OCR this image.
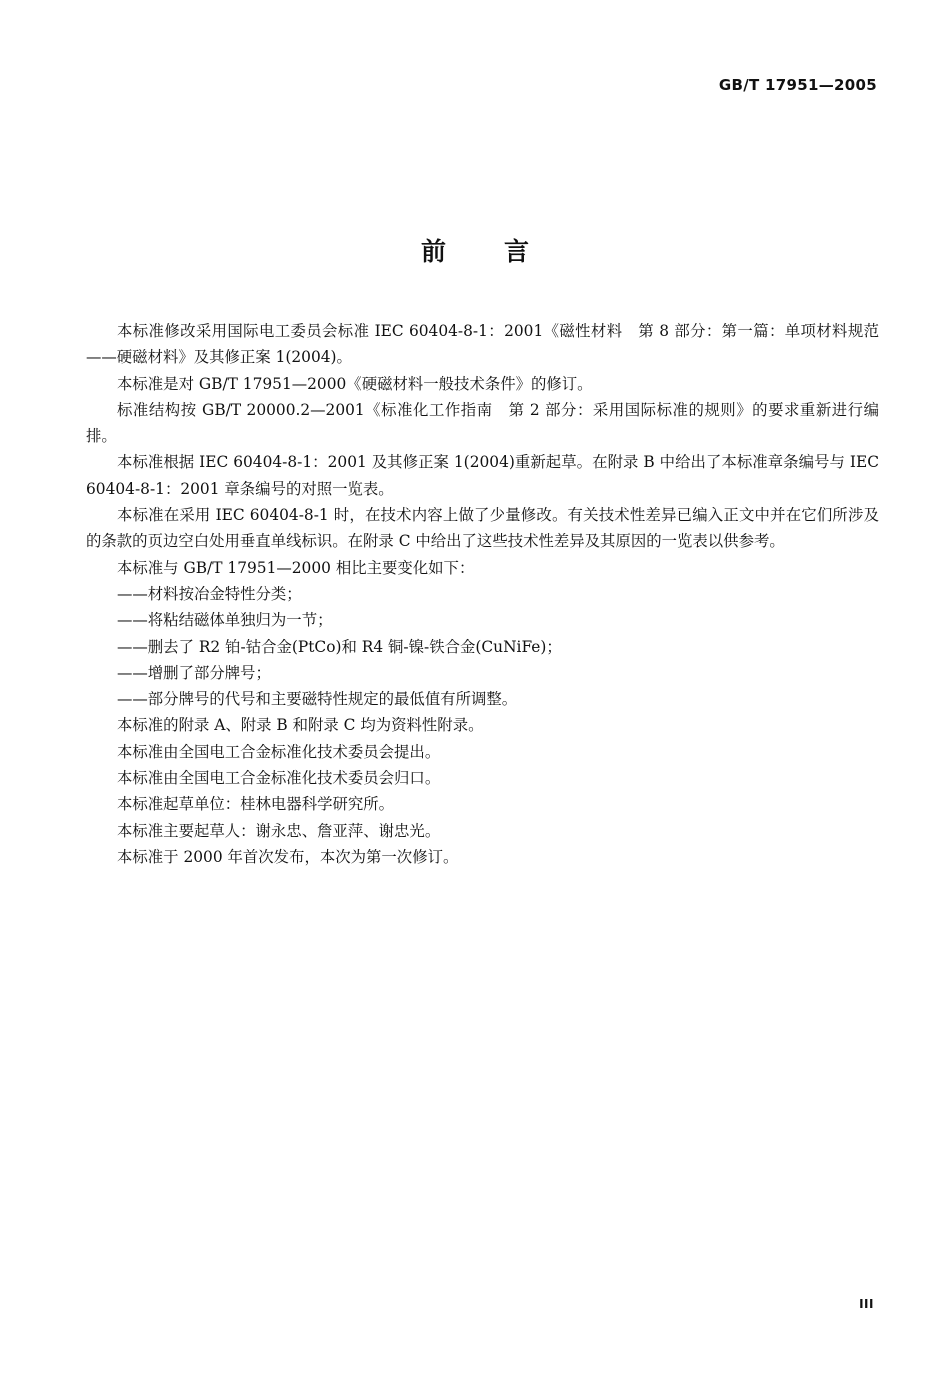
GB/T 17951—2005
前言

本标准修改采用国际电工委员会标准 IEC 60404-8-1：2001《磁性材料　第 8 部分：第一篇：单项材料规范——硬磁材料》及其修正案 1(2004)。

本标准是对 GB/T 17951—2000《硬磁材料一般技术条件》的修订。

标准结构按 GB/T 20000.2—2001《标准化工作指南　第 2 部分：采用国际标准的规则》的要求重新进行编排。

本标准根据 IEC 60404-8-1：2001 及其修正案 1(2004)重新起草。在附录 B 中给出了本标准章条编号与 IEC 60404-8-1：2001 章条编号的对照一览表。

本标准在采用 IEC 60404-8-1 时，在技术内容上做了少量修改。有关技术性差异已编入正文中并在它们所涉及的条款的页边空白处用垂直单线标识。在附录 C 中给出了这些技术性差异及其原因的一览表以供参考。

本标准与 GB/T 17951—2000 相比主要变化如下：

——材料按冶金特性分类；

——将粘结磁体单独归为一节；

——删去了 R2 铂-钴合金(PtCo)和 R4 铜-镍-铁合金(CuNiFe)；

——增删了部分牌号；

——部分牌号的代号和主要磁特性规定的最低值有所调整。

本标准的附录 A、附录 B 和附录 C 均为资料性附录。

本标准由全国电工合金标准化技术委员会提出。

本标准由全国电工合金标准化技术委员会归口。

本标准起草单位：桂林电器科学研究所。

本标准主要起草人：谢永忠、詹亚萍、谢忠光。

本标准于 2000 年首次发布，本次为第一次修订。

III
